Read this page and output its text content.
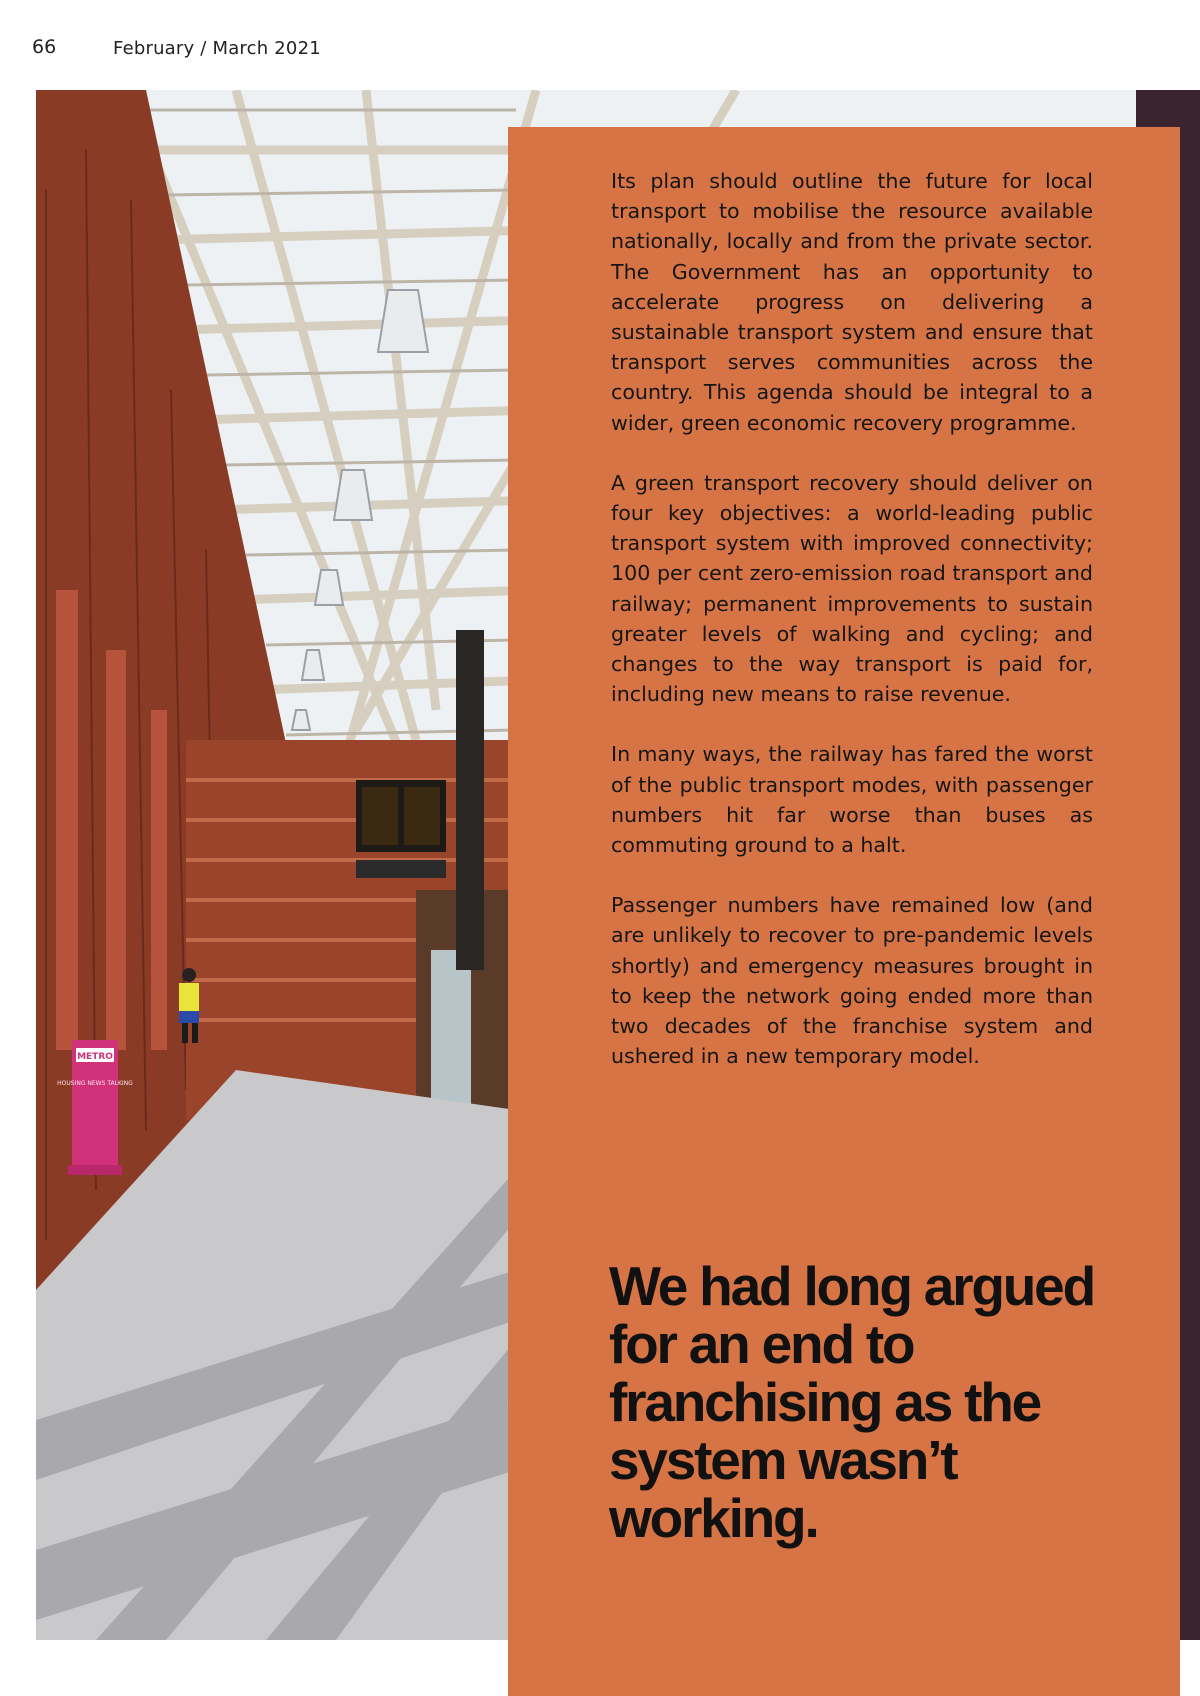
66	February / March 2021
METRO
HOUSING NEWS TALKING

Its plan should outline the future for local transport to mobilise the resource available nationally, locally and from the private sector. The Government has an opportunity to accelerate progress on delivering a sustainable transport system and ensure that transport serves communities across the country. This agenda should be integral to a wider, green economic recovery programme.

A green transport recovery should deliver on four key objectives: a world-leading public transport system with improved connectivity; 100 per cent zero-emission road transport and railway; permanent improvements to sustain greater levels of walking and cycling; and changes to the way transport is paid for, including new means to raise revenue.

In many ways, the railway has fared the worst of the public transport modes, with passenger numbers hit far worse than buses as commuting ground to a halt.

Passenger numbers have remained low (and are unlikely to recover to pre-pandemic levels shortly) and emergency measures brought in to keep the network going ended more than two decades of the franchise system and ushered in a new temporary model.

We had long argued for an end to franchising as the system wasn’t working.
